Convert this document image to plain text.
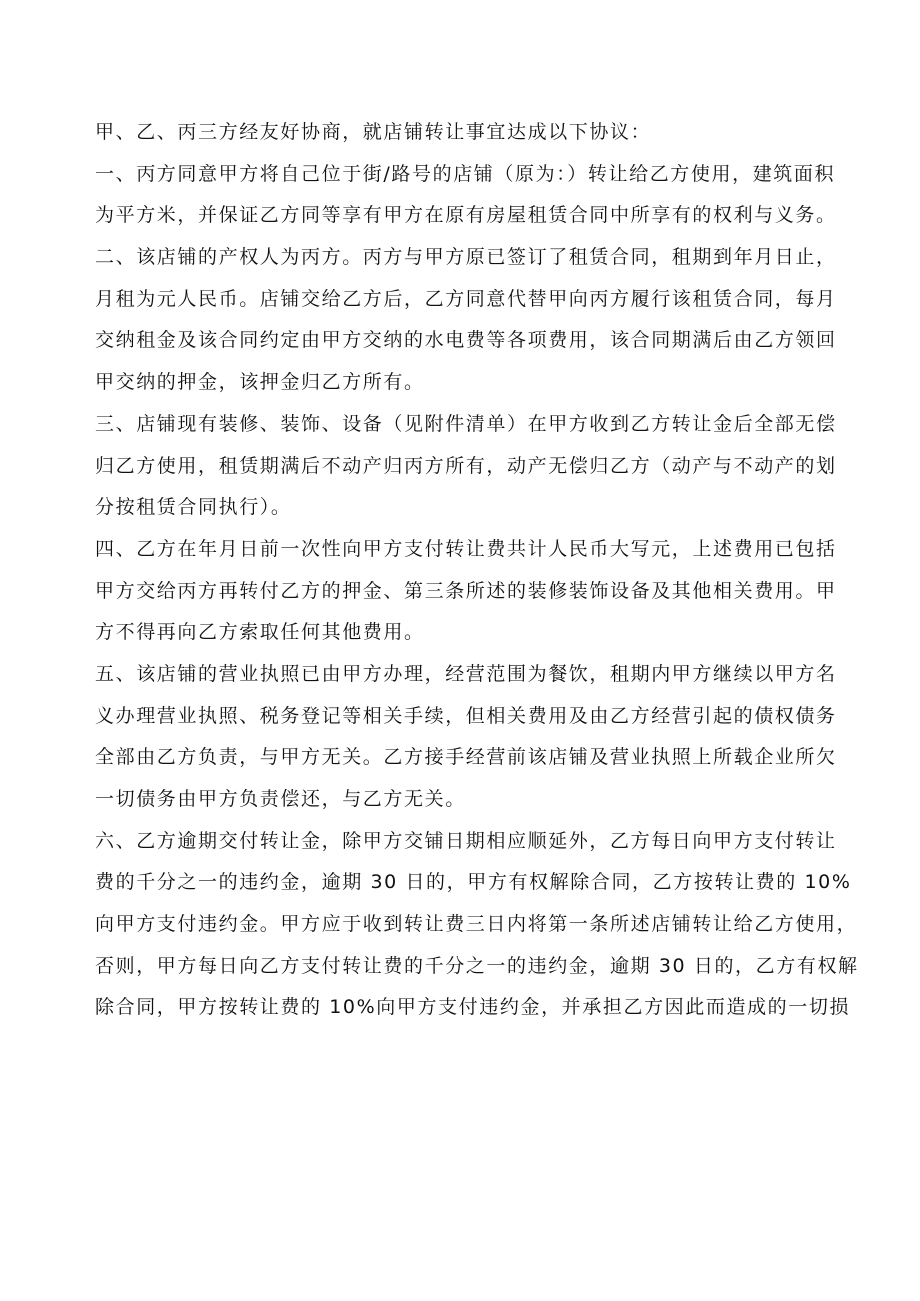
甲、乙、丙三方经友好协商，就店铺转让事宜达成以下协议：
一、丙方同意甲方将自己位于街/路号的店铺（原为：）转让给乙方使用，建筑面积
为平方米，并保证乙方同等享有甲方在原有房屋租赁合同中所享有的权利与义务。
二、该店铺的产权人为丙方。丙方与甲方原已签订了租赁合同，租期到年月日止，
月租为元人民币。店铺交给乙方后，乙方同意代替甲向丙方履行该租赁合同，每月
交纳租金及该合同约定由甲方交纳的水电费等各项费用，该合同期满后由乙方领回
甲交纳的押金，该押金归乙方所有。
三、店铺现有装修、装饰、设备（见附件清单）在甲方收到乙方转让金后全部无偿
归乙方使用，租赁期满后不动产归丙方所有，动产无偿归乙方（动产与不动产的划
分按租赁合同执行）。
四、乙方在年月日前一次性向甲方支付转让费共计人民币大写元，上述费用已包括
甲方交给丙方再转付乙方的押金、第三条所述的装修装饰设备及其他相关费用。甲
方不得再向乙方索取任何其他费用。
五、该店铺的营业执照已由甲方办理，经营范围为餐饮，租期内甲方继续以甲方名
义办理营业执照、税务登记等相关手续，但相关费用及由乙方经营引起的债权债务
全部由乙方负责，与甲方无关。乙方接手经营前该店铺及营业执照上所载企业所欠
一切债务由甲方负责偿还，与乙方无关。
六、乙方逾期交付转让金，除甲方交铺日期相应顺延外，乙方每日向甲方支付转让
费的千分之一的违约金，逾期 30 日的，甲方有权解除合同，乙方按转让费的 10%
向甲方支付违约金。甲方应于收到转让费三日内将第一条所述店铺转让给乙方使用，
否则，甲方每日向乙方支付转让费的千分之一的违约金，逾期 30 日的，乙方有权解
除合同，甲方按转让费的 10%向甲方支付违约金，并承担乙方因此而造成的一切损
